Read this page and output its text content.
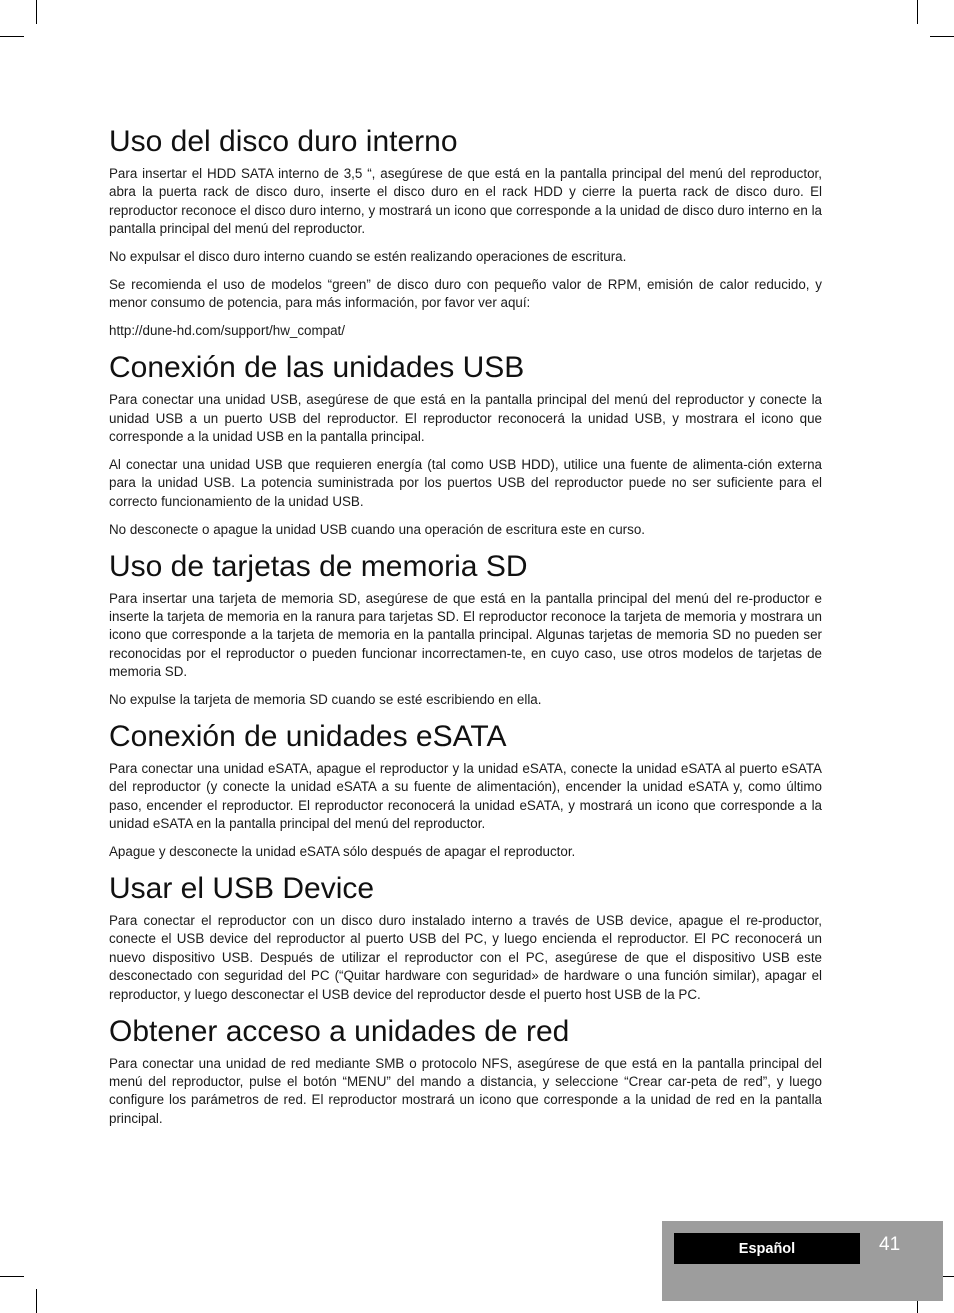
Uso del disco duro interno

Para insertar el HDD SATA interno de 3,5 “, asegúrese de que está en la pantalla principal del menú del reproductor, abra la puerta rack de disco duro, inserte el disco duro en el rack HDD y cierre la puerta rack de disco duro. El reproductor reconoce el disco duro interno, y mostrará un icono que corresponde a la unidad de disco duro interno en la pantalla principal del menú del reproductor.

No expulsar el disco duro interno cuando se estén realizando operaciones de escritura.

Se recomienda el uso de modelos “green” de disco duro con pequeño valor de RPM, emisión de calor reducido, y menor consumo de potencia, para más información, por favor ver aquí:

http://dune-hd.com/support/hw_compat/

Conexión de las unidades USB

Para conectar una unidad USB, asegúrese de que está en la pantalla principal del menú del reproductor y conecte la unidad USB a un puerto USB del reproductor. El reproductor reconocerá la unidad USB, y mostrara el icono que corresponde a la unidad USB en la pantalla principal.

Al conectar una unidad USB que requieren energía (tal como USB HDD), utilice una fuente de alimenta-ción externa para la unidad USB. La potencia suministrada por los puertos USB del reproductor puede no ser suficiente para el correcto funcionamiento de la unidad USB.

No desconecte o apague la unidad USB cuando una operación de escritura este en curso.

Uso de tarjetas de memoria SD

Para insertar una tarjeta de memoria SD, asegúrese de que está en la pantalla principal del menú del re-productor e inserte la tarjeta de memoria en la ranura para tarjetas SD. El reproductor reconoce la tarjeta de memoria y mostrara un icono que corresponde a la tarjeta de memoria en la pantalla principal. Algunas tarjetas de memoria SD no pueden ser reconocidas por el reproductor o pueden funcionar incorrectamen-te, en cuyo caso, use otros modelos de tarjetas de memoria SD.

No expulse la tarjeta de memoria SD cuando se esté escribiendo en ella.

Conexión de unidades eSATA

Para conectar una unidad eSATA, apague el reproductor y la unidad eSATA, conecte la unidad eSATA al puerto eSATA del reproductor (y conecte la unidad eSATA a su fuente de alimentación), encender la unidad eSATA y, como último paso, encender el reproductor. El reproductor reconocerá la unidad eSATA, y mostrará un icono que corresponde a la unidad eSATA en la pantalla principal del menú del reproductor.

Apague y desconecte la unidad eSATA sólo después de apagar el reproductor.

Usar el USB Device

Para conectar el reproductor con un disco duro instalado interno a través de USB device, apague el re-productor, conecte el USB device del reproductor al puerto USB del PC, y luego encienda el reproductor. El PC reconocerá un nuevo dispositivo USB. Después de utilizar el reproductor con el PC, asegúrese de que el dispositivo USB este desconectado con seguridad del PC (“Quitar hardware con seguridad» de hardware o una función similar), apagar el reproductor, y luego desconectar el USB device del reproductor desde el puerto host USB de la PC.

Obtener acceso a unidades de red

Para conectar una unidad de red mediante SMB o protocolo NFS, asegúrese de que está en la pantalla principal del menú del reproductor, pulse el botón “MENU” del mando a distancia, y seleccione “Crear car-peta de red”, y luego configure los parámetros de red. El reproductor mostrará un icono que corresponde a la unidad de red en la pantalla principal.

Español	41
